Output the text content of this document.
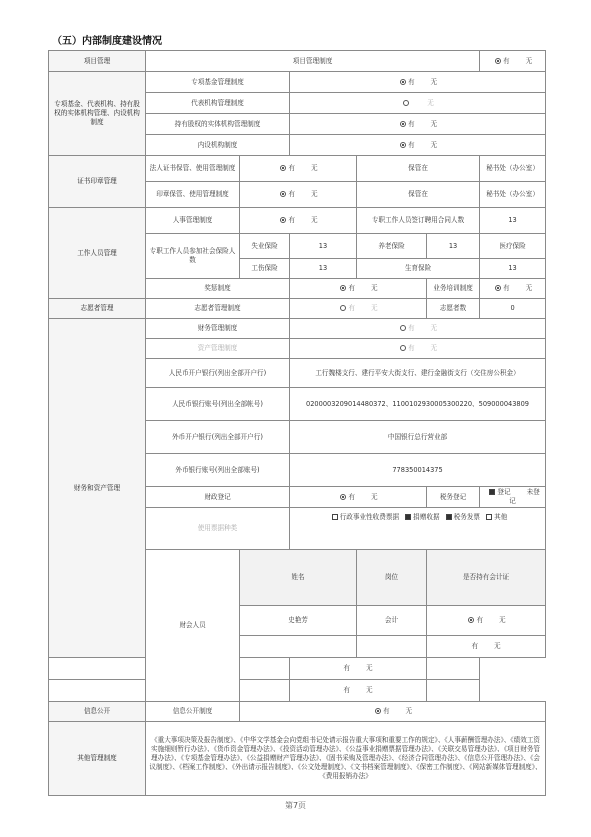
（五）内部制度建设情况
项目管理	项目管理制度					有 无	
专项基金、代表机构、持有股权的实体机构管理、内设机构制度	专项基金管理制度		有 无				
	代表机构管理制度		无				
	持有股权的实体机构管理制度		有 无				
	内设机构制度		有 无				
证书印章管理	法人证书保管、使用管理制度	有 无		保管在		秘书处（办公室）	
	印章保管、使用管理制度	有 无		保管在		秘书处（办公室）	
工作人员管理	人事管理制度	有 无		专职工作人员签订聘用合同人数		13	
	专职工作人员参加社会保险人数	失业保险	13	养老保险	13	医疗保险	
		工伤保险	13	生育保险		13	
	奖惩制度		有 无		业务培训制度	有 无	
志愿者管理	志愿者管理制度		有 无		志愿者数	0	
财务和资产管理	财务管理制度		有 无				
	资产管理制度		有 无				
	人民币开户银行(列出全部开户行)		工行魏楼支行、建行平安大街支行、建行金融街支行（交住房公积金）				
	人民币银行账号(列出全部帐号)		0200003209014480372、1100102930005300220、509000043809				
	外币开户银行(列出全部开户行)		中国银行总行营业部				
	外币银行账号(列出全部账号)		778350014375				
	财政登记		有 无		税务登记	登记 未登记	
	使用票据种类		行政事业性收费票据 捐赠收据 税务发票 其他				
	财会人员	姓名		岗位	是否持有会计证	
		史艳芳		会计	有 无	
					有 无		
			有 无				
			有 无				
信息公开	信息公开制度	有 无					
其他管理制度	《重大事项决策及报告制度》、《中华文学基金会向党组书记处请示报告重大事项和重要工作的规定》、《人事薪酬管理办法》、《绩效工资实施细则暂行办法》、《货币资金管理办法》、《投资活动管理办法》、《公益事业捐赠票据管理办法》、《关联交易管理办法》、《项目财务管理办法》、《专项基金管理办法》、《公益捐赠财产管理办法》、《固书采购及管理办法》、《经济合同管理办法》、《信息公开管理办法》、《会议制度》、《档案工作制度》、《外出请示报告制度》、《公文处理制度》、《文书档案管理制度》、《保密工作制度》、《网站新媒体管理制度》、《费用报销办法》						
第7页
